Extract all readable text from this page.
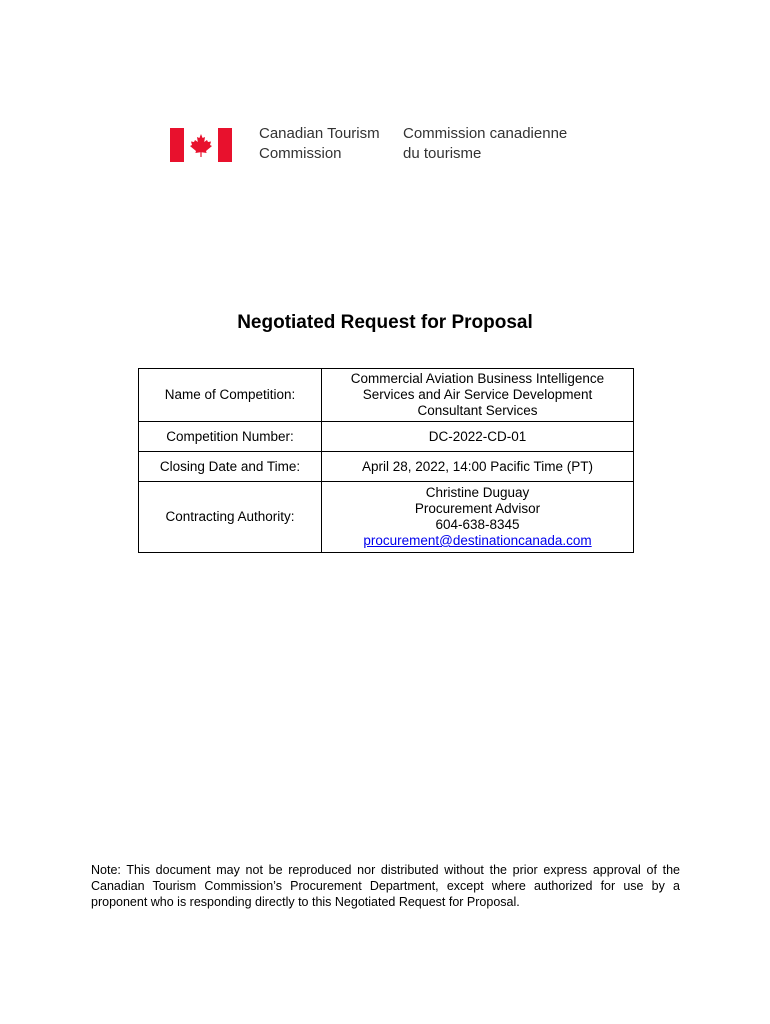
Canadian Tourism
Commission
Commission canadienne
du tourisme
Negotiated Request for Proposal
Name of Competition:	Commercial Aviation Business Intelligence
Services and Air Service Development
Consultant Services

Competition Number:	DC-2022-CD-01
Closing Date and Time:	April 28, 2022, 14:00 Pacific Time (PT)
Contracting Authority:	Christine Duguay
Procurement Advisor
604-638-8345
procurement@destinationcanada.com
Note: This document may not be reproduced nor distributed without the prior express approval of the Canadian Tourism Commission’s Procurement Department, except where authorized for use by a proponent who is responding directly to this Negotiated Request for Proposal.
